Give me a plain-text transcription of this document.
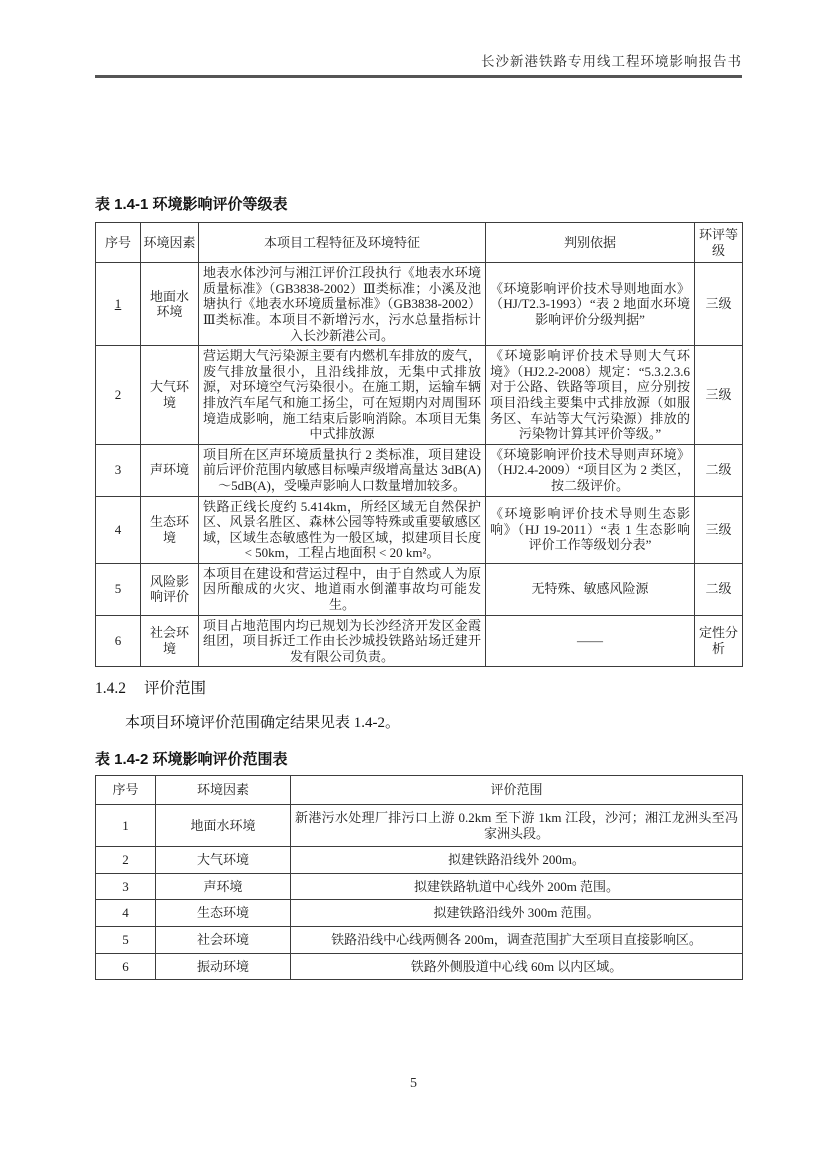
长沙新港铁路专用线工程环境影响报告书
表 1.4-1 环境影响评价等级表
序号	环境因素	本项目工程特征及环境特征	判别依据	环评等级
1	地面水环境	地表水体沙河与湘江评价江段执行《地表水环境质量标准》（GB3838-2002）Ⅲ类标准；小溪及池塘执行《地表水环境质量标准》（GB3838-2002）Ⅲ类标准。本项目不新增污水，污水总量指标计入长沙新港公司。	《环境影响评价技术导则地面水》（HJ/T2.3-1993）“表 2 地面水环境影响评价分级判据”	三级
2	大气环境	营运期大气污染源主要有内燃机车排放的废气，废气排放量很小，且沿线排放，无集中式排放源，对环境空气污染很小。在施工期，运输车辆排放汽车尾气和施工扬尘，可在短期内对周围环境造成影响，施工结束后影响消除。本项目无集中式排放源	《环境影响评价技术导则大气环境》（HJ2.2-2008）规定：“5.3.2.3.6 对于公路、铁路等项目，应分别按项目沿线主要集中式排放源（如服务区、车站等大气污染源）排放的污染物计算其评价等级。”	三级
3	声环境	项目所在区声环境质量执行 2 类标准，项目建设前后评价范围内敏感目标噪声级增高量达 3dB(A)～5dB(A)，受噪声影响人口数量增加较多。	《环境影响评价技术导则声环境》（HJ2.4-2009）“项目区为 2 类区，按二级评价。	二级
4	生态环境	铁路正线长度约 5.414km，所经区域无自然保护区、风景名胜区、森林公园等特殊或重要敏感区域，区域生态敏感性为一般区域，拟建项目长度 < 50km，工程占地面积 < 20 km²。	《环境影响评价技术导则生态影响》（HJ 19-2011）“表 1 生态影响评价工作等级划分表”	三级
5	风险影响评价	本项目在建设和营运过程中，由于自然或人为原因所酿成的火灾、地道雨水倒灌事故均可能发生。	无特殊、敏感风险源	二级
6	社会环境	项目占地范围内均已规划为长沙经济开发区金霞组团，项目拆迁工作由长沙城投铁路站场迁建开发有限公司负责。	——	定性分析
1.4.2 评价范围
本项目环境评价范围确定结果见表 1.4-2。
表 1.4-2 环境影响评价范围表
序号	环境因素	评价范围
1	地面水环境	新港污水处理厂排污口上游 0.2km 至下游 1km 江段，沙河；湘江龙洲头至冯家洲头段。
2	大气环境	拟建铁路沿线外 200m。
3	声环境	拟建铁路轨道中心线外 200m 范围。
4	生态环境	拟建铁路沿线外 300m 范围。
5	社会环境	铁路沿线中心线两侧各 200m，调查范围扩大至项目直接影响区。
6	振动环境	铁路外侧股道中心线 60m 以内区域。
5
